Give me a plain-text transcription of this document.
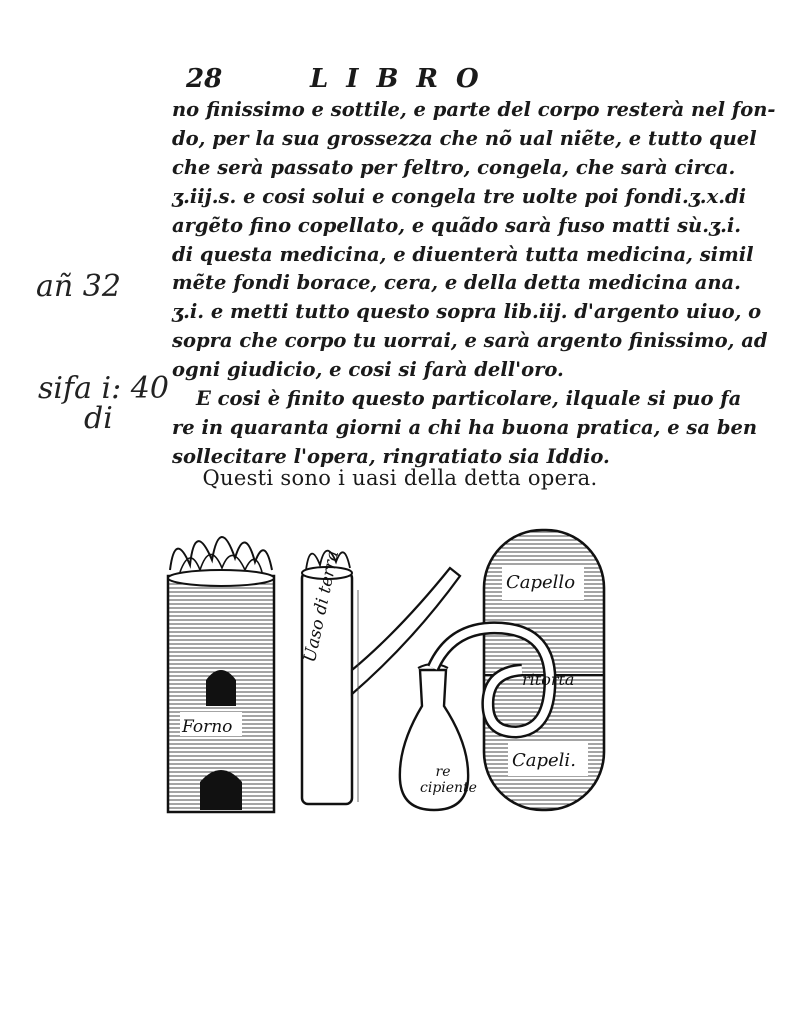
28	LIBRO
no finissimo e sottile, e parte del corpo resterà nel fon-
do, per la sua grossezza che nõ ual niẽte, e tutto quel
che serà passato per feltro, congela, che sarà circa.
ʒ.iij.s. e cosi solui e congela tre uolte poi fondi.ʒ.x.di
argẽto fino copellato, e quãdo sarà fuso matti sù.ʒ.i.
di questa medicina, e diuenterà tutta medicina, simil
mẽte fondi borace, cera, e della detta medicina ana.
ʒ.i. e metti tutto questo sopra lib.iij. d'argento uiuo, o
sopra che corpo tu uorrai, e sarà argento finissimo, ad
ogni giudicio, e cosi si farà dell'oro.
E cosi è finito questo particolare, ilquale si puo fa
re in quaranta giorni a chi ha buona pratica, e sa ben
sollecitare l'opera, ringratiato sia Iddio.
añ 32
sifa i: 40
di
Questi sono i uasi della detta opera.
Forno
Uaso di terra	Capello
ritorta
Capeli.
re cipiente
